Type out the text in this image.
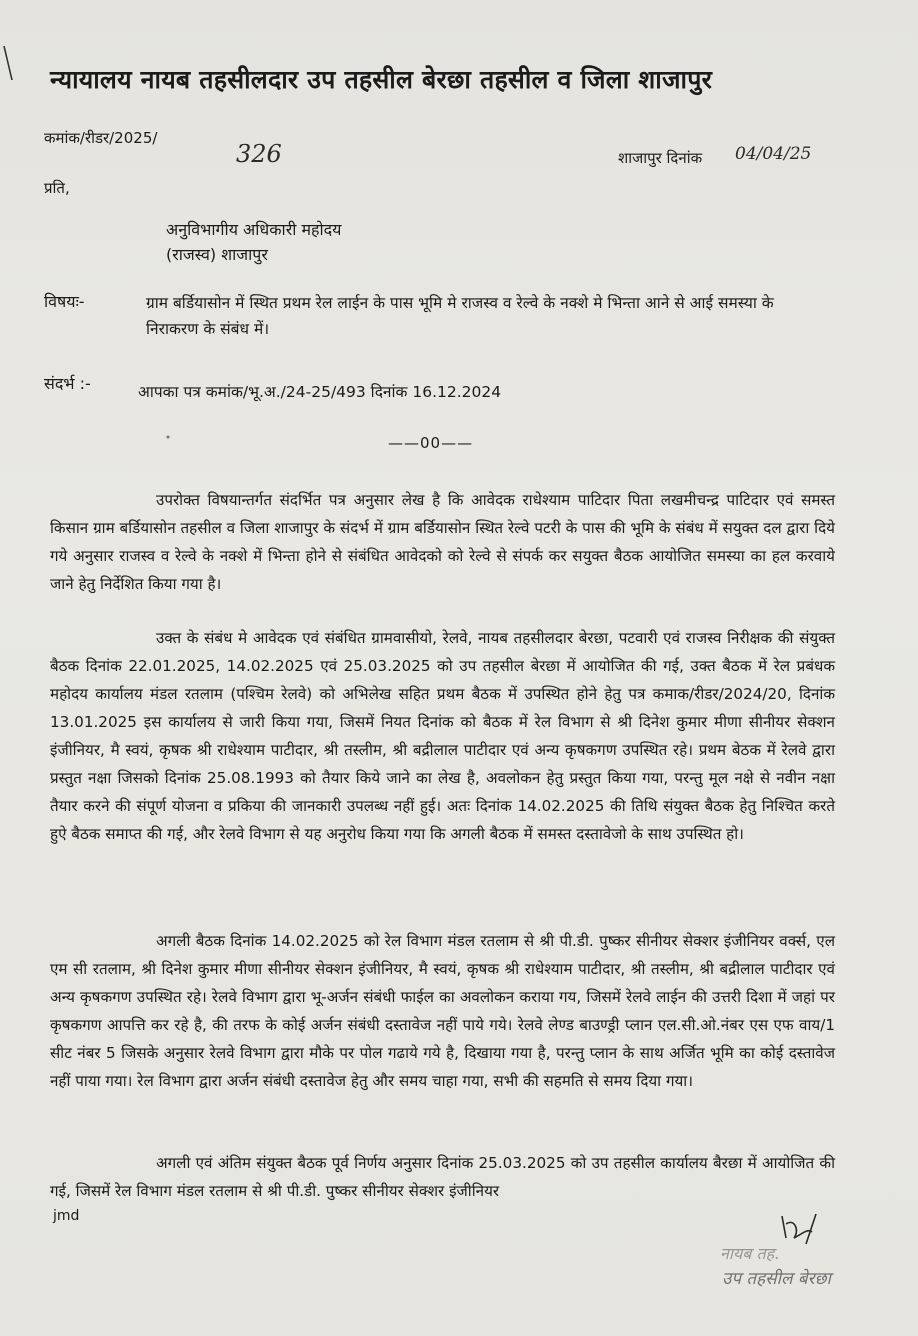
न्यायालय नायब तहसीलदार उप तहसील बेरछा तहसील व जिला शाजापुर
कमांक/रीडर/2025/
326	शाजापुर दिनांक 04/04/25
प्रति,
अनुविभागीय अधिकारी महोदय
(राजस्व) शाजापुर
विषयः-	ग्राम बर्डियासोन में स्थित प्रथम रेल लाईन के पास भूमि मे राजस्व व रेल्वे के नक्शे मे भिन्ता आने से आई समस्या के निराकरण के संबंध में।
संदर्भ :-	आपका पत्र कमांक/भू.अ./24-25/493 दिनांक 16.12.2024
——00——
उपरोक्त विषयान्तर्गत संदर्भित पत्र अनुसार लेख है कि आवेदक राधेश्याम पाटिदार पिता लखमीचन्द्र पाटिदार एवं समस्त किसान ग्राम बर्डियासोन तहसील व जिला शाजापुर के संदर्भ में ग्राम बर्डियासोन स्थित रेल्वे पटरी के पास की भूमि के संबंध में सयुक्त दल द्वारा दिये गये अनुसार राजस्व व रेल्वे के नक्शे में भिन्ता होने से संबंधित आवेदको को रेल्वे से संपर्क कर सयुक्त बैठक आयोजित समस्या का हल करवाये जाने हेतु निर्देशित किया गया है।
उक्त के संबंध मे आवेदक एवं संबंधित ग्रामवासीयो, रेलवे, नायब तहसीलदार बेरछा, पटवारी एवं राजस्व निरीक्षक की संयुक्त बैठक दिनांक 22.01.2025, 14.02.2025 एवं 25.03.2025 को उप तहसील बेरछा में आयोजित की गई, उक्त बैठक में रेल प्रबंधक महोदय कार्यालय मंडल रतलाम (पश्चिम रेलवे) को अभिलेख सहित प्रथम बैठक में उपस्थित होने हेतु पत्र कमाक/रीडर/2024/20, दिनांक 13.01.2025 इस कार्यालय से जारी किया गया, जिसमें नियत दिनांक को बैठक में रेल विभाग से श्री दिनेश कुमार मीणा सीनीयर सेक्शन इंजीनियर, मै स्वयं, कृषक श्री राधेश्याम पाटीदार, श्री तस्लीम, श्री बद्रीलाल पाटीदार एवं अन्य कृषकगण उपस्थित रहे। प्रथम बेठक में रेलवे द्वारा प्रस्तुत नक्षा जिसको दिनांक 25.08.1993 को तैयार किये जाने का लेख है, अवलोकन हेतु प्रस्तुत किया गया, परन्तु मूल नक्षे से नवीन नक्षा तैयार करने की संपूर्ण योजना व प्रकिया की जानकारी उपलब्ध नहीं हुई। अतः दिनांक 14.02.2025 की तिथि संयुक्त बैठक हेतु निश्चित करते हुऐ बैठक समाप्त की गई, और रेलवे विभाग से यह अनुरोध किया गया कि अगली बैठक में समस्त दस्तावेजो के साथ उपस्थित हो।
अगली बैठक दिनांक 14.02.2025 को रेल विभाग मंडल रतलाम से श्री पी.डी. पुष्कर सीनीयर सेक्शर इंजीनियर वर्क्स, एल एम सी रतलाम, श्री दिनेश कुमार मीणा सीनीयर सेक्शन इंजीनियर, मै स्वयं, कृषक श्री राधेश्याम पाटीदार, श्री तस्लीम, श्री बद्रीलाल पाटीदार एवं अन्य कृषकगण उपस्थित रहे। रेलवे विभाग द्वारा भू-अर्जन संबंधी फाईल का अवलोकन कराया गय, जिसमें रेलवे लाईन की उत्तरी दिशा में जहां पर कृषकगण आपत्ति कर रहे है, की तरफ के कोई अर्जन संबंधी दस्तावेज नहीं पाये गये। रेलवे लेण्ड बाउण्ड्री प्लान एल.सी.ओ.नंबर एस एफ वाय/1 सीट नंबर 5 जिसके अनुसार रेलवे विभाग द्वारा मौके पर पोल गढाये गये है, दिखाया गया है, परन्तु प्लान के साथ अर्जित भूमि का कोई दस्तावेज नहीं पाया गया। रेल विभाग द्वारा अर्जन संबंधी दस्तावेज हेतु और समय चाहा गया, सभी की सहमति से समय दिया गया।
अगली एवं अंतिम संयुक्त बैठक पूर्व निर्णय अनुसार दिनांक 25.03.2025 को उप तहसील कार्यालय बैरछा में आयोजित की गई, जिसमें रेल विभाग मंडल रतलाम से श्री पी.डी. पुष्कर सीनीयर सेक्शर इंजीनियर
jmd
नायब तह.
उप तहसील बेरछा
